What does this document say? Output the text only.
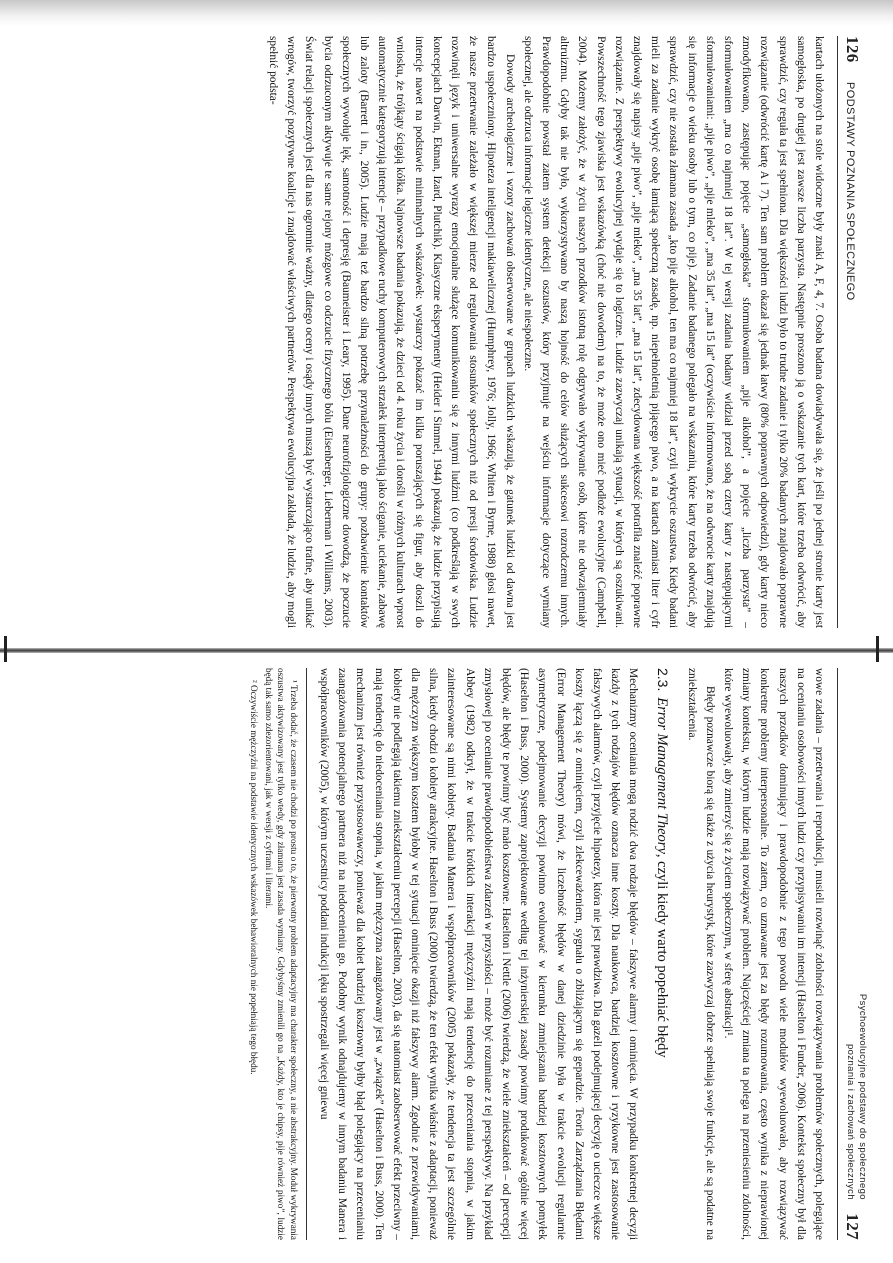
126
PODSTAWY POZNANIA SPOŁECZNEGO

kartach ułożonych na stole widoczne były znaki A, F, 4, 7. Osoba badana dowiadywała się, że jeśli po jednej stronie karty jest samogłoska, po drugiej jest zawsze liczba parzysta. Następnie proszono ją o wskazanie tych kart, które trzeba odwrócić, aby sprawdzić, czy reguła ta jest spełniona. Dla większości ludzi było to trudne zadanie i tylko 20% badanych znajdowało poprawne rozwiązanie (odwrócić kartę A i 7). Ten sam problem okazał się jednak łatwy (80% poprawnych odpowiedzi), gdy karty nieco zmodyfikowano, zastępując pojęcie „samogłoska” sformułowaniem „pije alkohol”, a pojęcie „liczba parzysta” – sformułowaniem „ma co najmniej 18 lat”. W tej wersji zadania badany widział przed sobą cztery karty z następującymi sformułowaniami: „pije piwo”, „pije mleko”, „ma 35 lat”, „ma 15 lat” (oczywiście informowano, że na odwrocie karty znajdują się informacje o wieku osoby lub o tym, co pije). Zadanie badanego polegało na wskazaniu, które karty trzeba odwrócić, aby sprawdzić, czy nie została złamana zasada „kto pije alkohol, ten ma co najmniej 18 lat”, czyli wykrycie oszustwa. Kiedy badani mieli za zadanie wykryć osobę łamiącą społeczną zasadę, np. niepełnoletnią pijącego piwo, a na kartach zamiast liter i cyfr znajdowały się napisy „pije piwo”, „pije mleko”, „ma 35 lat”, „ma 15 lat”, zdecydowana większość potrafiła znaleźć poprawne rozwiązanie. Z perspektywy ewolucyjnej wydaje się to logiczne. Ludzie zazwyczaj unikają sytuacji, w których są oszukiwani. Powszechność tego zjawiska jest wskazówką (choć nie dowodem) na to, że może ono mieć podłoże ewolucyjne (Campbell, 2004). Możemy założyć, że w życiu naszych przodków istotną rolę odgrywało wykrywanie osób, które nie odwzajemniały altruizmu. Gdyby tak nie było, wykorzystywano by naszą hojność do celów służących sukcesowi rozrodczemu innych. Prawdopodobnie powstał zatem system detekcji oszustów, który przyjmuje na wejściu informacje dotyczące wymiany społecznej, ale odrzuca informacje logiczne identyczne, ale niespołeczne.

Dowody archeologiczne i wzory zachowań obserwowane w grupach ludzkich wskazują, że gatunek ludzki od dawna jest bardzo uspołeczniony. Hipoteza inteligencji makiawelicznej (Humphrey, 1976; Jolly, 1966; Whiten i Byrne, 1988) głosi nawet, że nasze przetrwanie zależało w większej mierze od regulowania stosunków społecznych niż od presji środowiska. Ludzie rozwinęli język i uniwersalne wyrazy emocjonalne służące komunikowaniu się z innymi ludźmi (co podkreślają w swych koncepcjach Darwin, Ekman, Izard, Plutchik). Klasyczne eksperymenty (Heider i Simmel, 1944) pokazują, że ludzie przypisują intencje nawet na podstawie minimalnych wskazówek: wystarczy pokazać im kilka poruszających się figur, aby doszli do wniosku, że trójkąty ścigają kółka. Najnowsze badania pokazują, że dzieci od 4. roku życia i dorośli w różnych kulturach wprost automatycznie kategoryzują intencje – przypadkowe ruchy komputerowych strzałek interpretują jako ściganie, uciekanie, zabawę lub zaloty (Barrett i in., 2005). Ludzie mają też bardzo silną potrzebę przynależności do grupy: pozbawienie kontaktów społecznych wywołuje lęk, samotność i depresję (Baumeister i Leary, 1995). Dane neurofizjologiczne dowodzą, że poczucie bycia odrzuconym aktywuje te same rejony mózgowe co odczucie fizycznego bólu (Eisenberger, Lieberman i Williams, 2003). Świat relacji społecznych jest dla nas ogromnie ważny, dlatego oceny i osądy innych muszą być wystarczająco trafne, aby unikać wrogów, tworzyć pozytywne koalicje i znajdować właściwych partnerów. Perspektywa ewolucyjna zakłada, że ludzie, aby mogli spełnić podsta-

Psychoewolucyjne podstawy do społecznego
poznania i zachowań społecznych
127

wowe zadania – przetrwania i reprodukcji, musieli rozwinąć zdolności rozwiązywania problemów społecznych, polegające na ocenianiu osobowości innych ludzi czy przypisywaniu im intencji (Haselton i Funder, 2006). Kontekst społeczny był dla naszych przodków dominujący i prawdopodobnie z tego powodu wiele modułów wyewoluowało, aby rozwiązywać konkretne problemy interpersonalne. To zatem, co uznawane jest za błędy rozumowania, często wynika z nieprawionej zmiany kontekstu, w którym ludzie mają rozwiązywać problem. Najczęściej zmiana ta polega na przeniesieniu zdolności, które wyewoluowały, aby zmierzyć się z życiem społecznym, w sferę abstrakcji¹.

Błędy poznawcze biorą się także z użycia heurystyk, które zazwyczaj dobrze spełniają swoje funkcje, ale są podatne na zniekształcenia.

2.3.Error Management Theory, czyli kiedy warto popełniać błędy

Mechanizmy oceniania mogą rodzić dwa rodzaje błędów – fałszywe alarmy i ominięcia. W przypadku konkretnej decyzji każdy z tych rodzajów błędów oznacza inne koszty. Dla naukowca, bardziej kosztowne i ryzykowne jest zastosowanie fałszywych alarmów, czyli przyjęcie hipotezy, która nie jest prawdziwa. Dla gazeli podejmującej decyzję o ucieczce większe koszty łączą się z ominięciem, czyli zlekceważeniem, sygnału o zbliżającym się gepardzie. Teoria Zarządzania Błędami (Error Management Theory) mówi, że liczebność błędów w danej dziedzinie była w trakcie ewolucji regularnie asymetryczne, podejmowanie decyzji powinno ewoluować w kierunku zmniejszania bardziej kosztownych pomyłek (Haselton i Buss, 2000). Systemy zaprojektowane według tej inżynierskiej zasady powinny produkować ogólnie więcej błędów, ale błędy te powinny być mało kosztowne. Haselton i Nettle (2006) twierdzą, że wiele zniekształceń – od percepcji zmysłowej po ocenianie prawdopodobieństwa zdarzeń w przyszłości – może być rozumiane z tej perspektywy. Na przykład Abbey (1982) odkrył, że w trakcie krótkich interakcji mężczyźni mają tendencję do przeceniania stopnia, w jakim zainteresowane są nimi kobiety. Badania Manera i współpracowników (2005) pokazały, że tendencja ta jest szczególnie silna, kiedy chodzi o kobiety atrakcyjne. Haselton i Buss (2000) twierdzą, że ten efekt wynika właśnie z adaptacji, ponieważ dla mężczyzn większym kosztem byłoby w tej sytuacji ominięcie okazji niż fałszywy alarm. Zgodnie z przewidywaniami, kobiety nie podlegają takiemu zniekształceniu percepcji (Haselton, 2003), da się natomiast zaobserwować efekt przeciwny – mają tendencję do niedoceniania stopnia, w jakim mężczyzna zaangażowany jest w „związek” (Haselton i Buss, 2000). Ten mechanizm jest również przystosowawczy, ponieważ dla kobiet bardziej kosztowny byłby błąd polegający na przecenianiu zaangażowania potencjalnego partnera niż na niedocenieniu go. Podobny wynik odnajdujemy w innym badaniu Manera i współpracowników (2005), w którym uczestnicy poddani indukcji lęku spostrzegali więcej gniewu

¹ Trzeba dodać, że czasem nie chodzi po prostu o to, że pierwotny problem adaptacyjny ma charakter społeczny, a nie abstrakcyjny. Moduł wykrywania oszustwa aktywizowany jest tylko wtedy, gdy złamana jest zasada wymiany. Gdybyśmy zmienili go na „Każdy, kto je chipsy, pije również piwo”, ludzie będą tak samo zdezorientowani, jak w wersji z cyframi i literami.

² Oczywiście mężczyźni na podstawie identycznych wskazówek behawioralnych nie popełniają tego błędu.
